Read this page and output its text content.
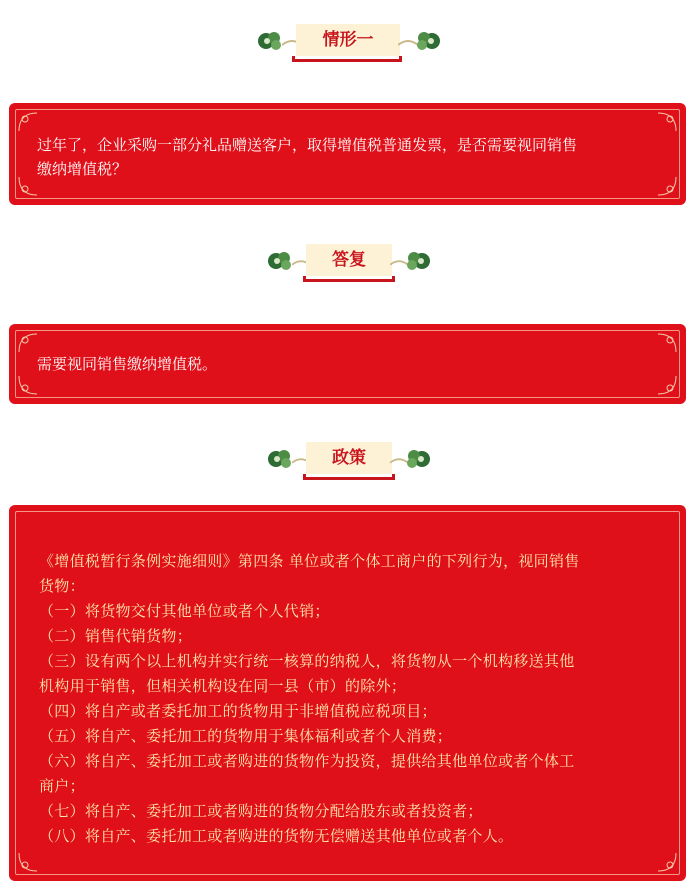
情形一
过年了，企业采购一部分礼品赠送客户，取得增值税普通发票，是否需要视同销售
缴纳增值税？
答复
需要视同销售缴纳增值税。
政策
《增值税暂行条例实施细则》第四条 单位或者个体工商户的下列行为，视同销售
货物：
（一）将货物交付其他单位或者个人代销；
（二）销售代销货物；
（三）设有两个以上机构并实行统一核算的纳税人，将货物从一个机构移送其他
机构用于销售，但相关机构设在同一县（市）的除外；
（四）将自产或者委托加工的货物用于非增值税应税项目；
（五）将自产、委托加工的货物用于集体福利或者个人消费；
（六）将自产、委托加工或者购进的货物作为投资，提供给其他单位或者个体工
商户；
（七）将自产、委托加工或者购进的货物分配给股东或者投资者；
（八）将自产、委托加工或者购进的货物无偿赠送其他单位或者个人。
